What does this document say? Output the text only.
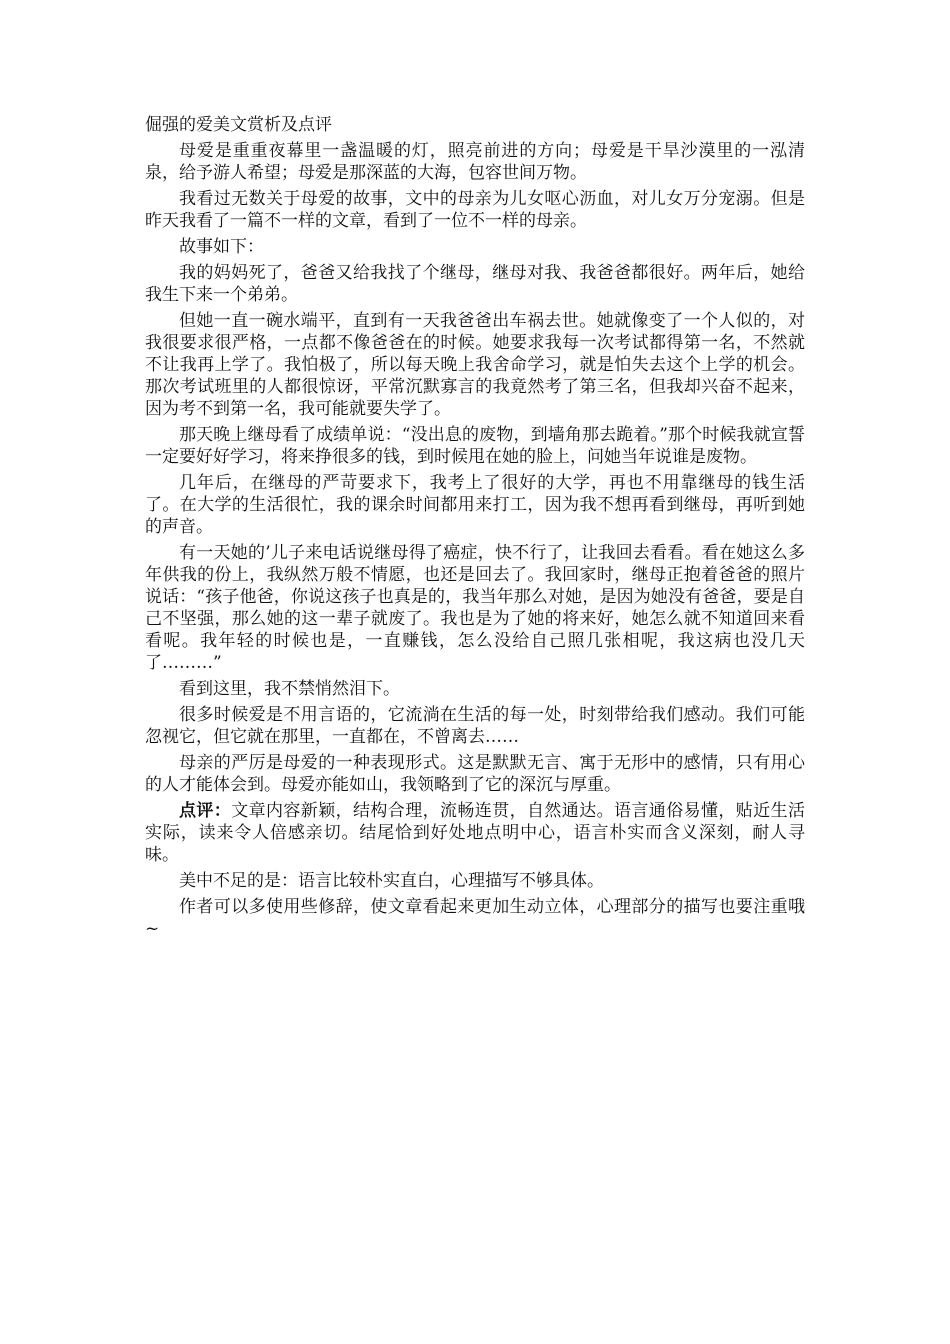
倔强的爱美文赏析及点评

母爱是重重夜幕里一盏温暖的灯，照亮前进的方向；母爱是干旱沙漠里的一泓清泉，给予游人希望；母爱是那深蓝的大海，包容世间万物。

我看过无数关于母爱的故事，文中的母亲为儿女呕心沥血，对儿女万分宠溺。但是昨天我看了一篇不一样的文章，看到了一位不一样的母亲。

故事如下：

我的妈妈死了，爸爸又给我找了个继母，继母对我、我爸爸都很好。两年后，她给我生下来一个弟弟。

但她一直一碗水端平，直到有一天我爸爸出车祸去世。她就像变了一个人似的，对我很要求很严格，一点都不像爸爸在的时候。她要求我每一次考试都得第一名，不然就不让我再上学了。我怕极了，所以每天晚上我舍命学习，就是怕失去这个上学的机会。那次考试班里的人都很惊讶，平常沉默寡言的我竟然考了第三名，但我却兴奋不起来，因为考不到第一名，我可能就要失学了。

那天晚上继母看了成绩单说：“没出息的废物，到墙角那去跪着。”那个时候我就宣誓一定要好好学习，将来挣很多的钱，到时候甩在她的脸上，问她当年说谁是废物。

几年后，在继母的严苛要求下，我考上了很好的大学，再也不用靠继母的钱生活了。在大学的生活很忙，我的课余时间都用来打工，因为我不想再看到继母，再听到她的声音。

有一天她的’儿子来电话说继母得了癌症，快不行了，让我回去看看。看在她这么多年供我的份上，我纵然万般不情愿，也还是回去了。我回家时，继母正抱着爸爸的照片说话：“孩子他爸，你说这孩子也真是的，我当年那么对她，是因为她没有爸爸，要是自己不坚强，那么她的这一辈子就废了。我也是为了她的将来好，她怎么就不知道回来看看呢。我年轻的时候也是，一直赚钱，怎么没给自己照几张相呢，我这病也没几天了………”

看到这里，我不禁悄然泪下。

很多时候爱是不用言语的，它流淌在生活的每一处，时刻带给我们感动。我们可能忽视它，但它就在那里，一直都在，不曾离去……

母亲的严厉是母爱的一种表现形式。这是默默无言、寓于无形中的感情，只有用心的人才能体会到。母爱亦能如山，我领略到了它的深沉与厚重。

点评：文章内容新颖，结构合理，流畅连贯，自然通达。语言通俗易懂，贴近生活实际，读来令人倍感亲切。结尾恰到好处地点明中心，语言朴实而含义深刻，耐人寻味。

美中不足的是：语言比较朴实直白，心理描写不够具体。

作者可以多使用些修辞，使文章看起来更加生动立体，心理部分的描写也要注重哦~
